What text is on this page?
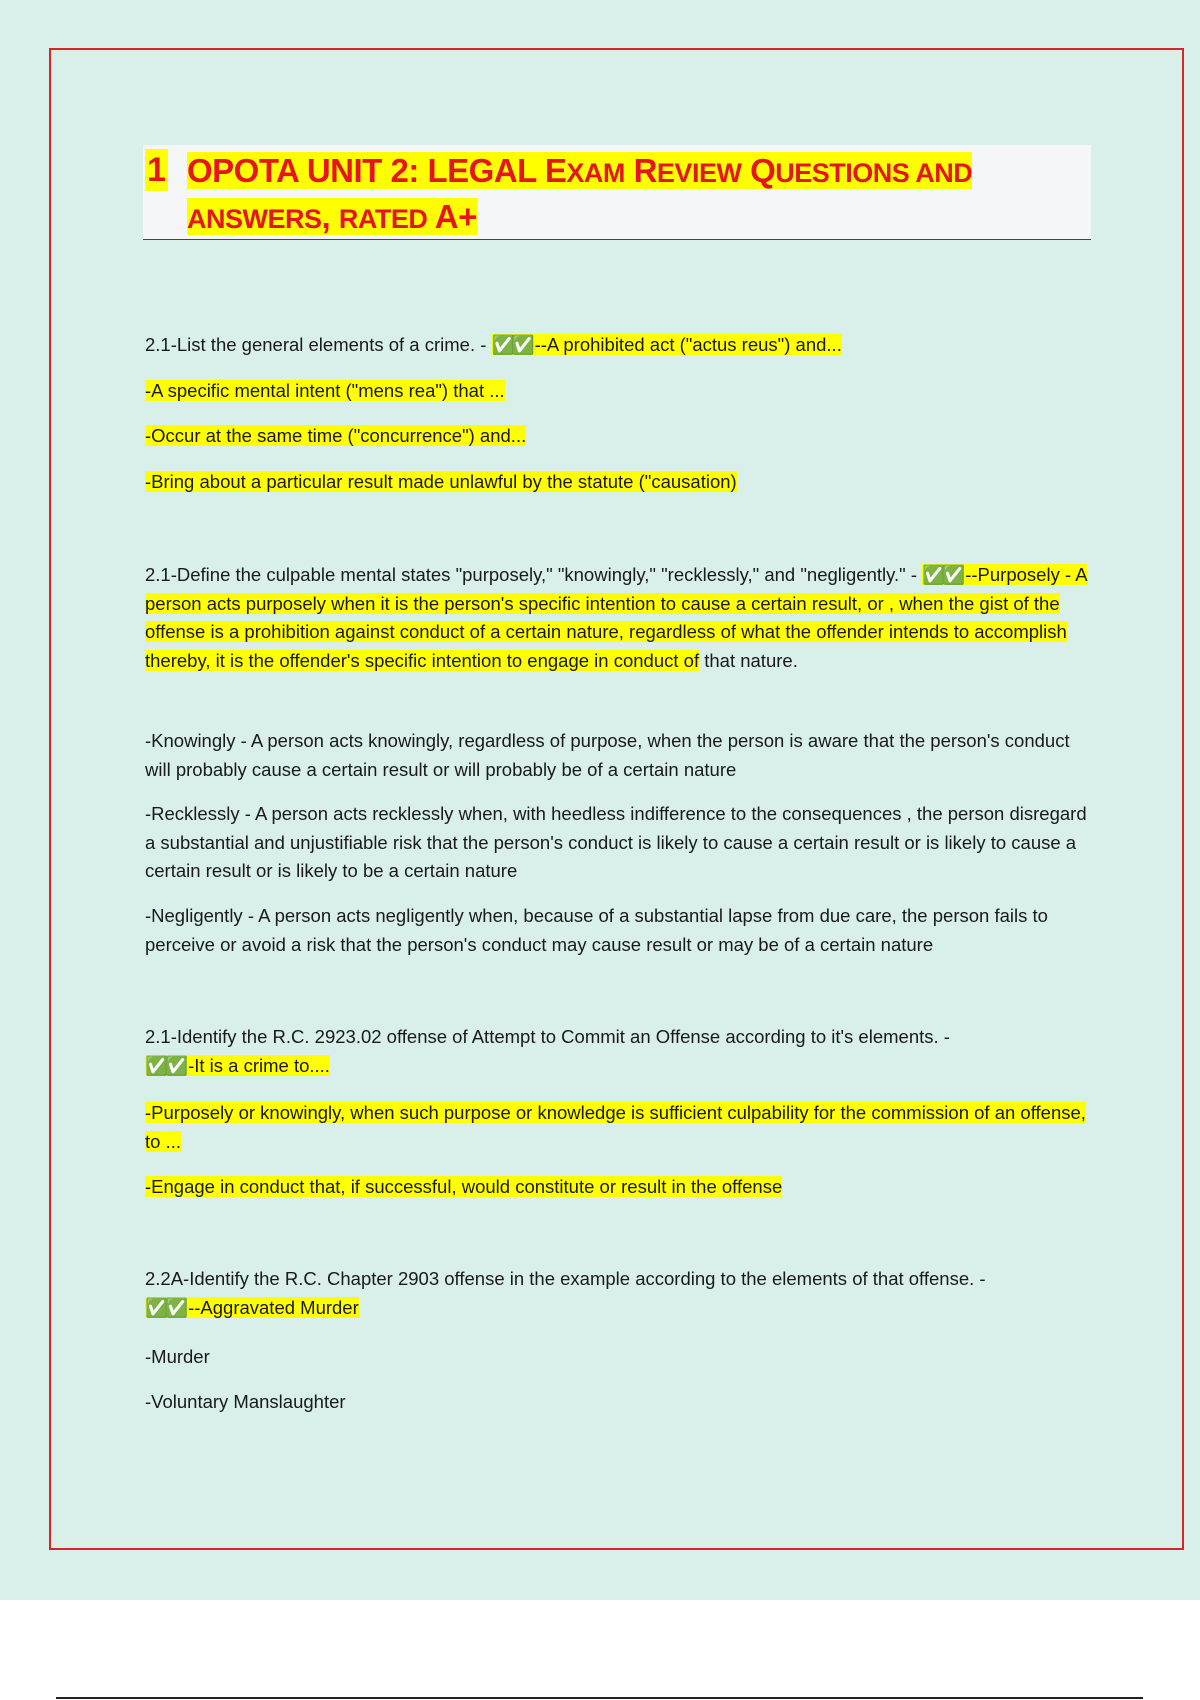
1 OPOTA UNIT 2: LEGAL EXAM REVIEW QUESTIONS AND ANSWERS, RATED A+
2.1-List the general elements of a crime. - ✅✅ --A prohibited act ("actus reus") and...
-A specific mental intent ("mens rea") that ...
-Occur at the same time ("concurrence") and...
-Bring about a particular result made unlawful by the statute ("causation)
2.1-Define the culpable mental states "purposely," "knowingly," "recklessly," and "negligently." - ✅✅ --Purposely - A person acts purposely when it is the person's specific intention to cause a certain result, or , when the gist of the offense is a prohibition against conduct of a certain nature, regardless of what the offender intends to accomplish thereby, it is the offender's specific intention to engage in conduct of that nature.
-Knowingly - A person acts knowingly, regardless of purpose, when the person is aware that the person's conduct will probably cause a certain result or will probably be of a certain nature
-Recklessly - A person acts recklessly when, with heedless indifference to the consequences , the person disregard a substantial and unjustifiable risk that the person's conduct is likely to cause a certain result or is likely to cause a certain result or is likely to be a certain nature
-Negligently - A person acts negligently when, because of a substantial lapse from due care, the person fails to perceive or avoid a risk that the person's conduct may cause result or may be of a certain nature
2.1-Identify the R.C. 2923.02 offense of Attempt to Commit an Offense according to it's elements. -
✅✅ -It is a crime to....
-Purposely or knowingly, when such purpose or knowledge is sufficient culpability for the commission of an offense, to ...
-Engage in conduct that, if successful, would constitute or result in the offense
2.2A-Identify the R.C. Chapter 2903 offense in the example according to the elements of that offense. -
✅✅ --Aggravated Murder
-Murder
-Voluntary Manslaughter
